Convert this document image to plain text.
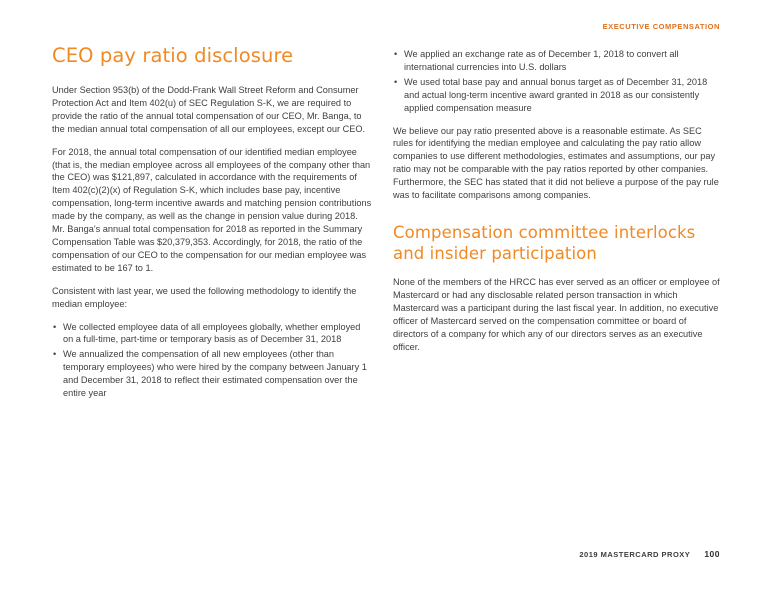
EXECUTIVE COMPENSATION
CEO pay ratio disclosure

Under Section 953(b) of the Dodd-Frank Wall Street Reform and Consumer Protection Act and Item 402(u) of SEC Regulation S-K, we are required to provide the ratio of the annual total compensation of our CEO, Mr. Banga, to the median annual total compensation of all our employees, except our CEO.

For 2018, the annual total compensation of our identified median employee (that is, the median employee across all employees of the company other than the CEO) was $121,897, calculated in accordance with the requirements of Item 402(c)(2)(x) of Regulation S-K, which includes base pay, incentive compensation, long-term incentive awards and matching pension contributions made by the company, as well as the change in pension value during 2018. Mr. Banga's annual total compensation for 2018 as reported in the Summary Compensation Table was $20,379,353. Accordingly, for 2018, the ratio of the compensation of our CEO to the compensation for our median employee was estimated to be 167 to 1.

Consistent with last year, we used the following methodology to identify the median employee:

• We collected employee data of all employees globally, whether employed on a full-time, part-time or temporary basis as of December 31, 2018
• We annualized the compensation of all new employees (other than temporary employees) who were hired by the company between January 1 and December 31, 2018 to reflect their estimated compensation over the entire year
• We applied an exchange rate as of December 1, 2018 to convert all international currencies into U.S. dollars
• We used total base pay and annual bonus target as of December 31, 2018 and actual long-term incentive award granted in 2018 as our consistently applied compensation measure

We believe our pay ratio presented above is a reasonable estimate. As SEC rules for identifying the median employee and calculating the pay ratio allow companies to use different methodologies, estimates and assumptions, our pay ratio may not be comparable with the pay ratios reported by other companies. Furthermore, the SEC has stated that it did not believe a purpose of the pay rule was to facilitate comparisons among companies.

Compensation committee interlocks and insider participation

None of the members of the HRCC has ever served as an officer or employee of Mastercard or had any disclosable related person transaction in which Mastercard was a participant during the last fiscal year. In addition, no executive officer of Mastercard served on the compensation committee or board of directors of a company for which any of our directors serves as an executive officer.

2019 MASTERCARD PROXY 100
